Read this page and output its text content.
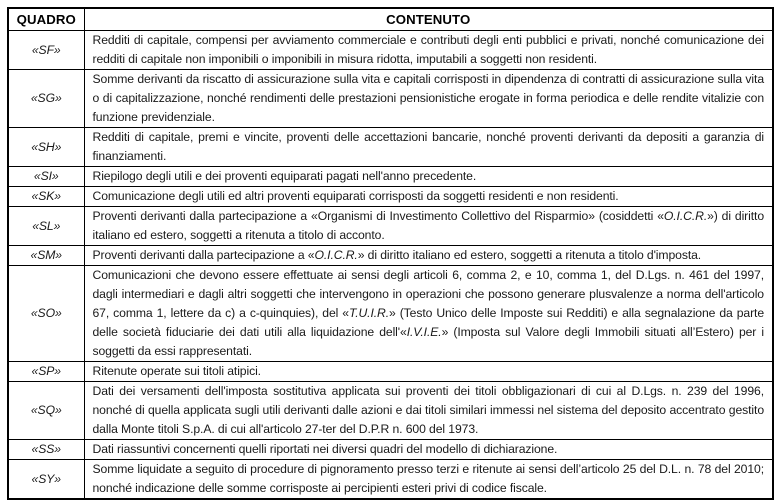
QUADRO	CONTENUTO
«SF»	Redditi di capitale, compensi per avviamento commerciale e contributi degli enti pubblici e privati, nonché comunicazione dei redditi di capitale non imponibili o imponibili in misura ridotta, imputabili a soggetti non residenti.
«SG»	Somme derivanti da riscatto di assicurazione sulla vita e capitali corrisposti in dipendenza di contratti di assicurazione sulla vita o di capitalizzazione, nonché rendimenti delle prestazioni pensionistiche erogate in forma periodica e delle rendite vitalizie con funzione previdenziale.
«SH»	Redditi di capitale, premi e vincite, proventi delle accettazioni bancarie, nonché proventi derivanti da depositi a garanzia di finanziamenti.
«SI»	Riepilogo degli utili e dei proventi equiparati pagati nell'anno precedente.
«SK»	Comunicazione degli utili ed altri proventi equiparati corrisposti da soggetti residenti e non residenti.
«SL»	Proventi derivanti dalla partecipazione a «Organismi di Investimento Collettivo del Risparmio» (cosiddetti «O.I.C.R.») di diritto italiano ed estero, soggetti a ritenuta a titolo di acconto.
«SM»	Proventi derivanti dalla partecipazione a «O.I.C.R.» di diritto italiano ed estero, soggetti a ritenuta a titolo d'imposta.
«SO»	Comunicazioni che devono essere effettuate ai sensi degli articoli 6, comma 2, e 10, comma 1, del D.Lgs. n. 461 del 1997, dagli intermediari e dagli altri soggetti che intervengono in operazioni che possono generare plusvalenze a norma dell'articolo 67, comma 1, lettere da c) a c-quinquies), del «T.U.I.R.» (Testo Unico delle Imposte sui Redditi) e alla segnalazione da parte delle società fiduciarie dei dati utili alla liquidazione dell'«I.V.I.E.» (Imposta sul Valore degli Immobili situati all’Estero) per i soggetti da essi rappresentati.
«SP»	Ritenute operate sui titoli atipici.
«SQ»	Dati dei versamenti dell'imposta sostitutiva applicata sui proventi dei titoli obbligazionari di cui al D.Lgs. n. 239 del 1996, nonché di quella applicata sugli utili derivanti dalle azioni e dai titoli similari immessi nel sistema del deposito accentrato gestito dalla Monte titoli S.p.A. di cui all'articolo 27-ter del D.P.R n. 600 del 1973.
«SS»	Dati riassuntivi concernenti quelli riportati nei diversi quadri del modello di dichiarazione.
«SY»	Somme liquidate a seguito di procedure di pignoramento presso terzi e ritenute ai sensi dell’articolo 25 del D.L. n. 78 del 2010; nonché indicazione delle somme corrisposte ai percipienti esteri privi di codice fiscale.
